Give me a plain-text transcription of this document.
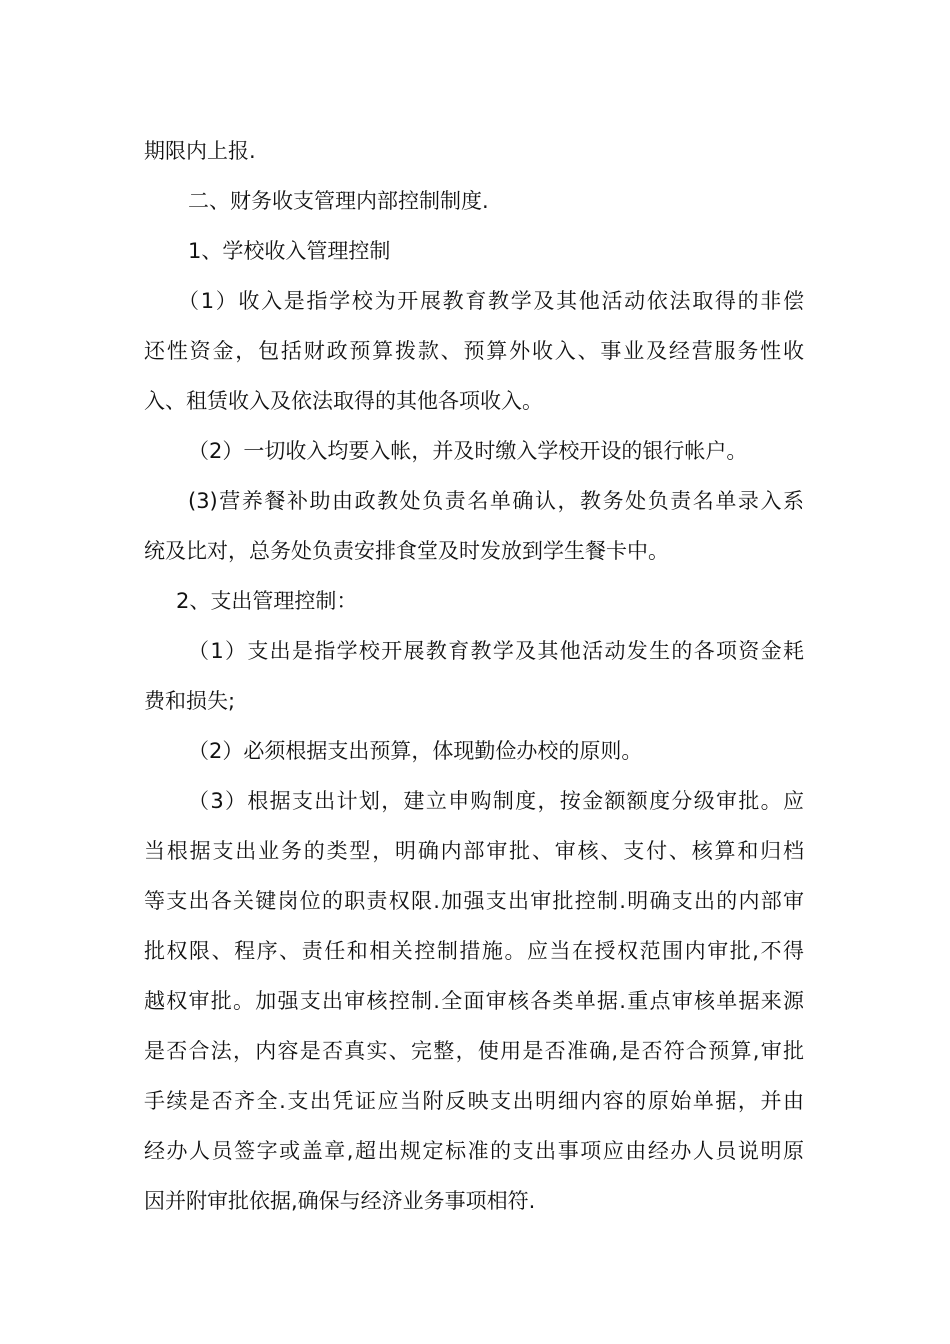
期限内上报.
二、财务收支管理内部控制制度.
1、学校收入管理控制
（1）收入是指学校为开展教育教学及其他活动依法取得的非偿
还性资金，包括财政预算拨款、预算外收入、事业及经营服务性收
入、租赁收入及依法取得的其他各项收入。
（2）一切收入均要入帐，并及时缴入学校开设的银行帐户。
(3)营养餐补助由政教处负责名单确认，教务处负责名单录入系
统及比对，总务处负责安排食堂及时发放到学生餐卡中。
2、支出管理控制：
（1）支出是指学校开展教育教学及其他活动发生的各项资金耗
费和损失;
（2）必须根据支出预算，体现勤俭办校的原则。
（3）根据支出计划，建立申购制度，按金额额度分级审批。应
当根据支出业务的类型，明确内部审批、审核、支付、核算和归档
等支出各关键岗位的职责权限.加强支出审批控制.明确支出的内部审
批权限、程序、责任和相关控制措施。应当在授权范围内审批,不得
越权审批。加强支出审核控制.全面审核各类单据.重点审核单据来源
是否合法，内容是否真实、完整，使用是否准确,是否符合预算,审批
手续是否齐全.支出凭证应当附反映支出明细内容的原始单据，并由
经办人员签字或盖章,超出规定标准的支出事项应由经办人员说明原
因并附审批依据,确保与经济业务事项相符.
